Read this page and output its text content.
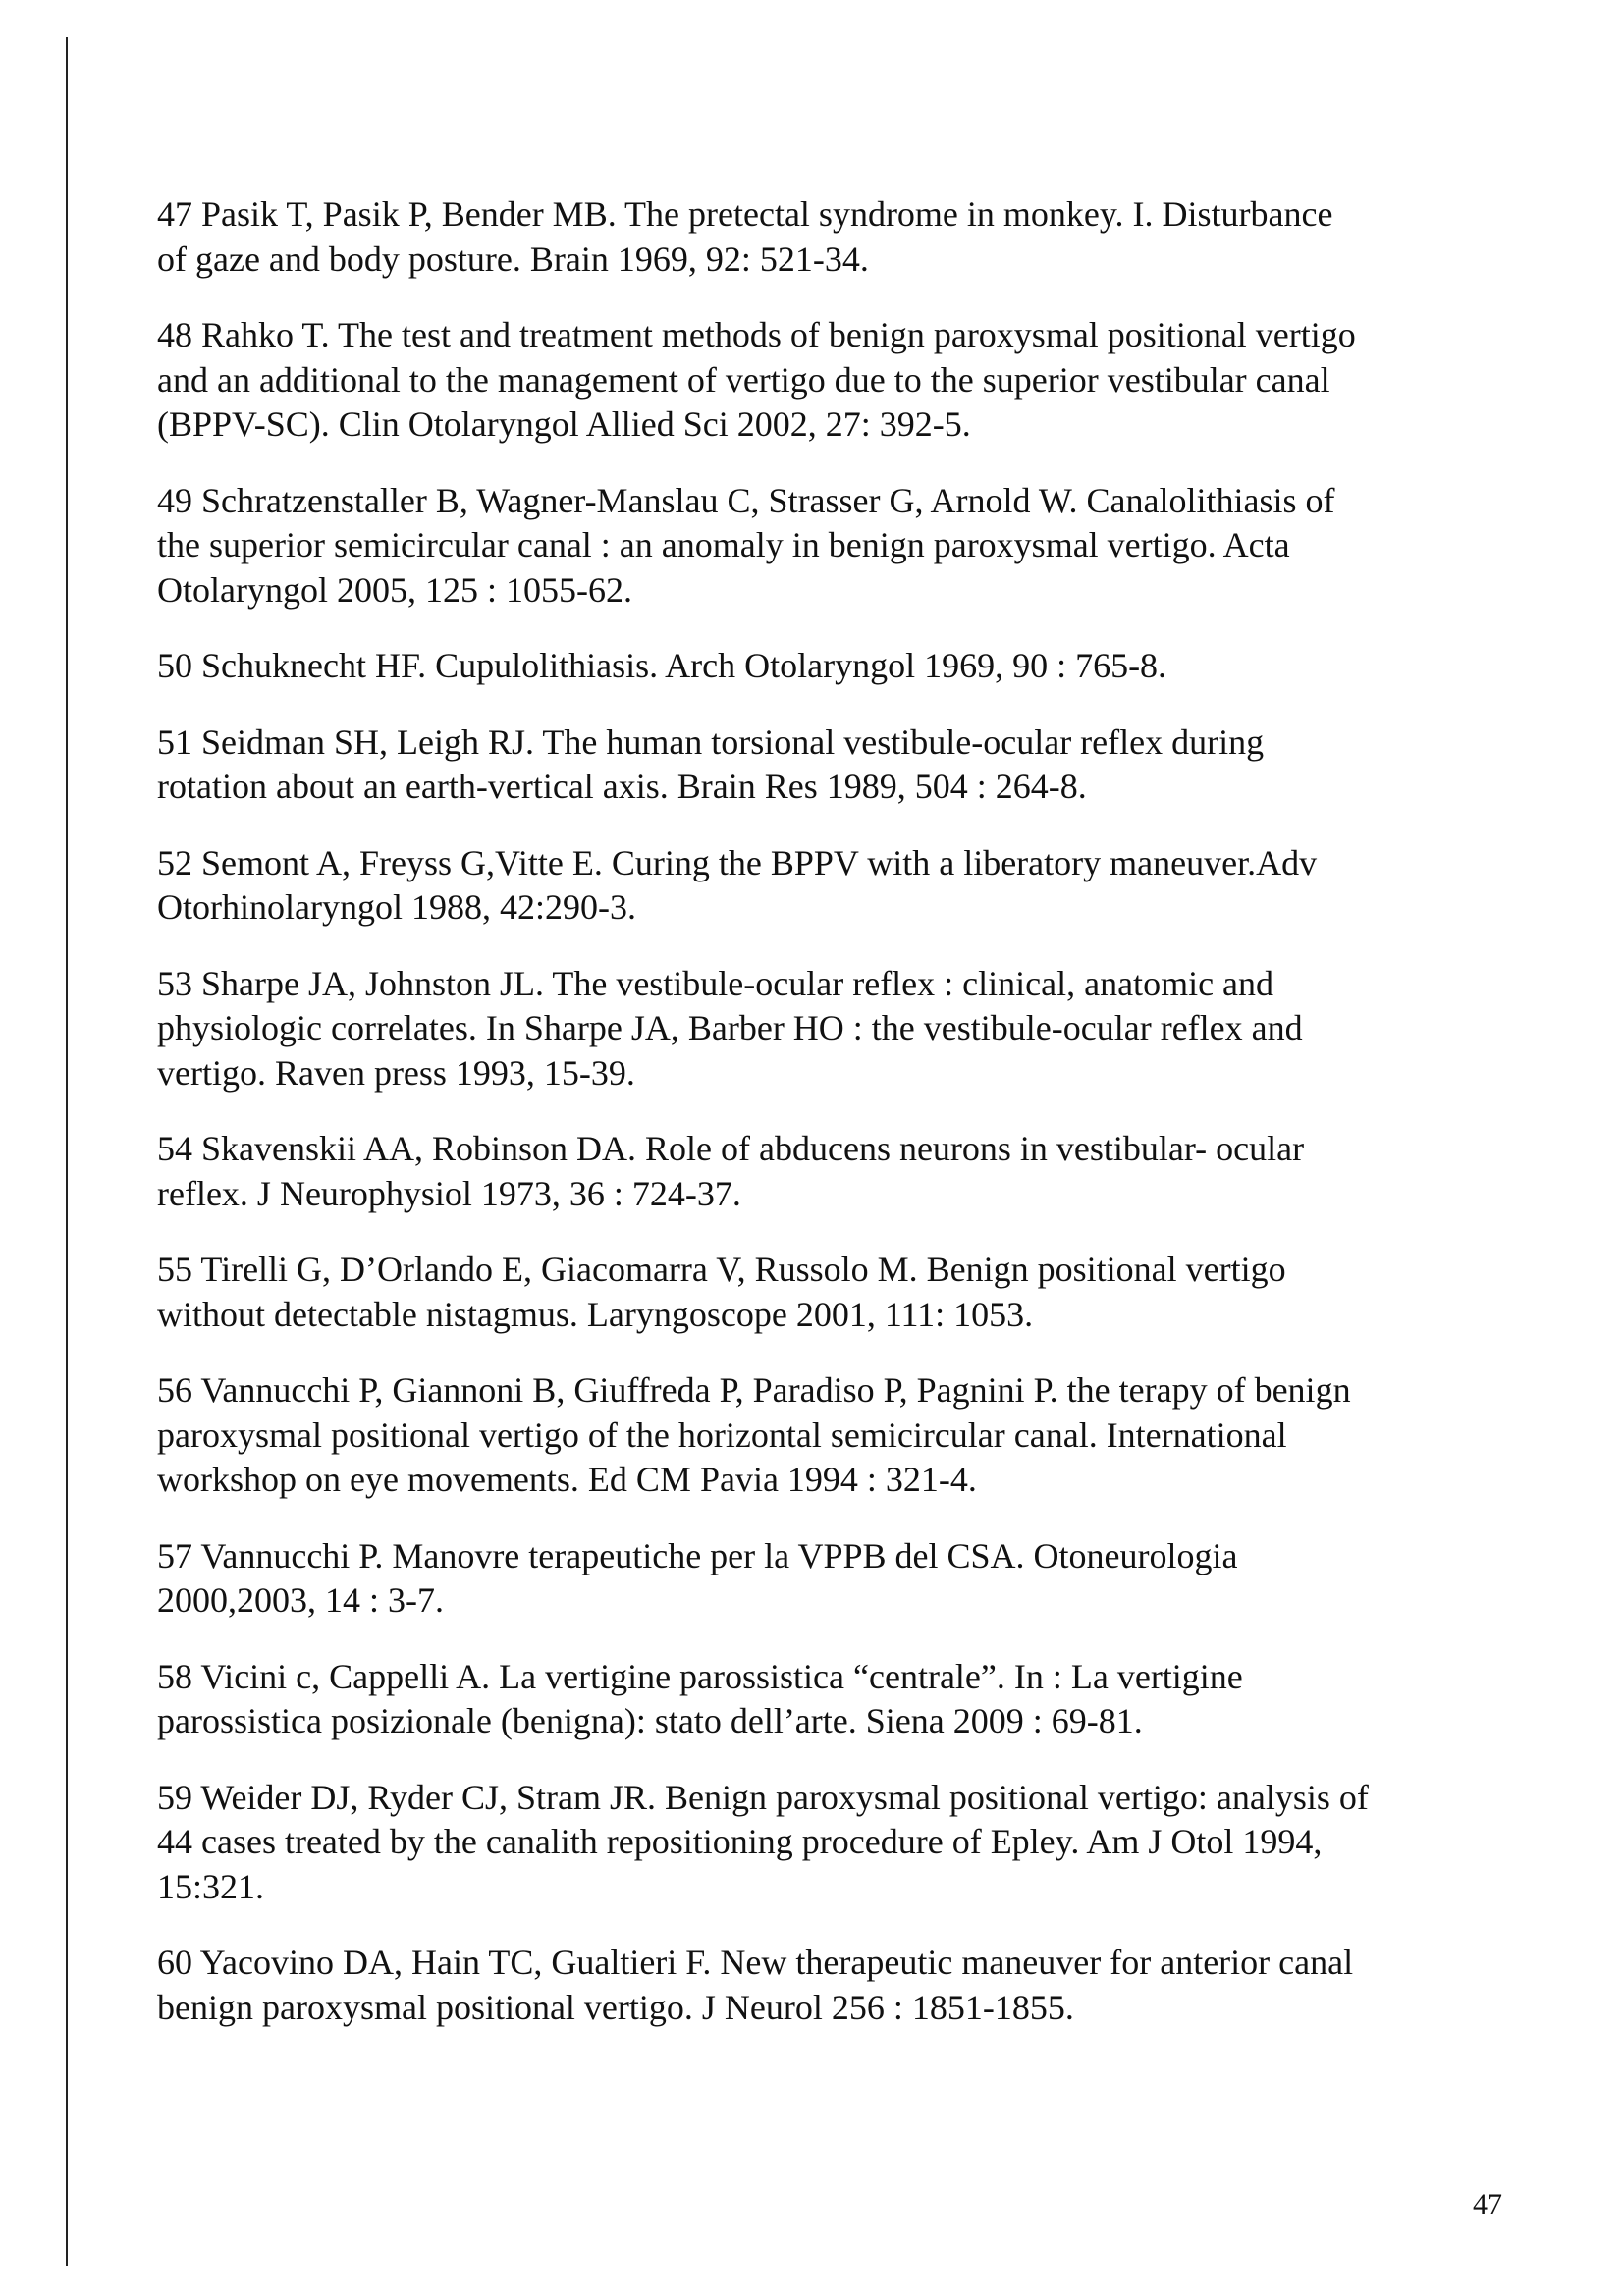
47 Pasik T, Pasik P, Bender MB. The pretectal syndrome in monkey. I. Disturbance
of gaze and body posture. Brain 1969, 92: 521-34.
48 Rahko T. The test and treatment methods of benign paroxysmal positional vertigo
and an additional to the management of vertigo due to the superior vestibular canal
(BPPV-SC). Clin Otolaryngol Allied Sci 2002, 27: 392-5.
49 Schratzenstaller B, Wagner-Manslau C, Strasser G, Arnold W. Canalolithiasis of
the superior semicircular canal : an anomaly in benign paroxysmal vertigo. Acta
Otolaryngol 2005, 125 : 1055-62.
50 Schuknecht HF. Cupulolithiasis. Arch Otolaryngol 1969, 90 : 765-8.
51 Seidman SH, Leigh RJ. The human torsional vestibule-ocular reflex during
rotation about an earth-vertical axis. Brain Res 1989, 504 : 264-8.
52 Semont A, Freyss G,Vitte E. Curing the BPPV with a liberatory maneuver.Adv
Otorhinolaryngol 1988, 42:290-3.
53 Sharpe JA, Johnston JL. The vestibule-ocular reflex : clinical, anatomic and
physiologic correlates. In Sharpe JA, Barber HO : the vestibule-ocular reflex and
vertigo. Raven press 1993, 15-39.
54 Skavenskii AA, Robinson DA. Role of abducens neurons in vestibular- ocular
reflex. J Neurophysiol 1973, 36 : 724-37.
55 Tirelli G, D’Orlando E, Giacomarra V, Russolo M. Benign positional vertigo
without detectable nistagmus. Laryngoscope 2001, 111: 1053.
56 Vannucchi P, Giannoni B, Giuffreda P, Paradiso P, Pagnini P. the terapy of benign
paroxysmal positional vertigo of the horizontal semicircular canal. International
workshop on eye movements. Ed CM Pavia 1994 : 321-4.
57 Vannucchi P. Manovre terapeutiche per la VPPB del CSA. Otoneurologia
2000,2003, 14 : 3-7.
58 Vicini c, Cappelli A. La vertigine parossistica “centrale”. In : La vertigine
parossistica posizionale (benigna): stato dell’arte. Siena 2009 : 69-81.
59 Weider DJ, Ryder CJ, Stram JR. Benign paroxysmal positional vertigo: analysis of
44 cases treated by the canalith repositioning procedure of Epley. Am J Otol 1994,
15:321.
60 Yacovino DA, Hain TC, Gualtieri F. New therapeutic maneuver for anterior canal
benign paroxysmal positional vertigo. J Neurol 256 : 1851-1855.
47
